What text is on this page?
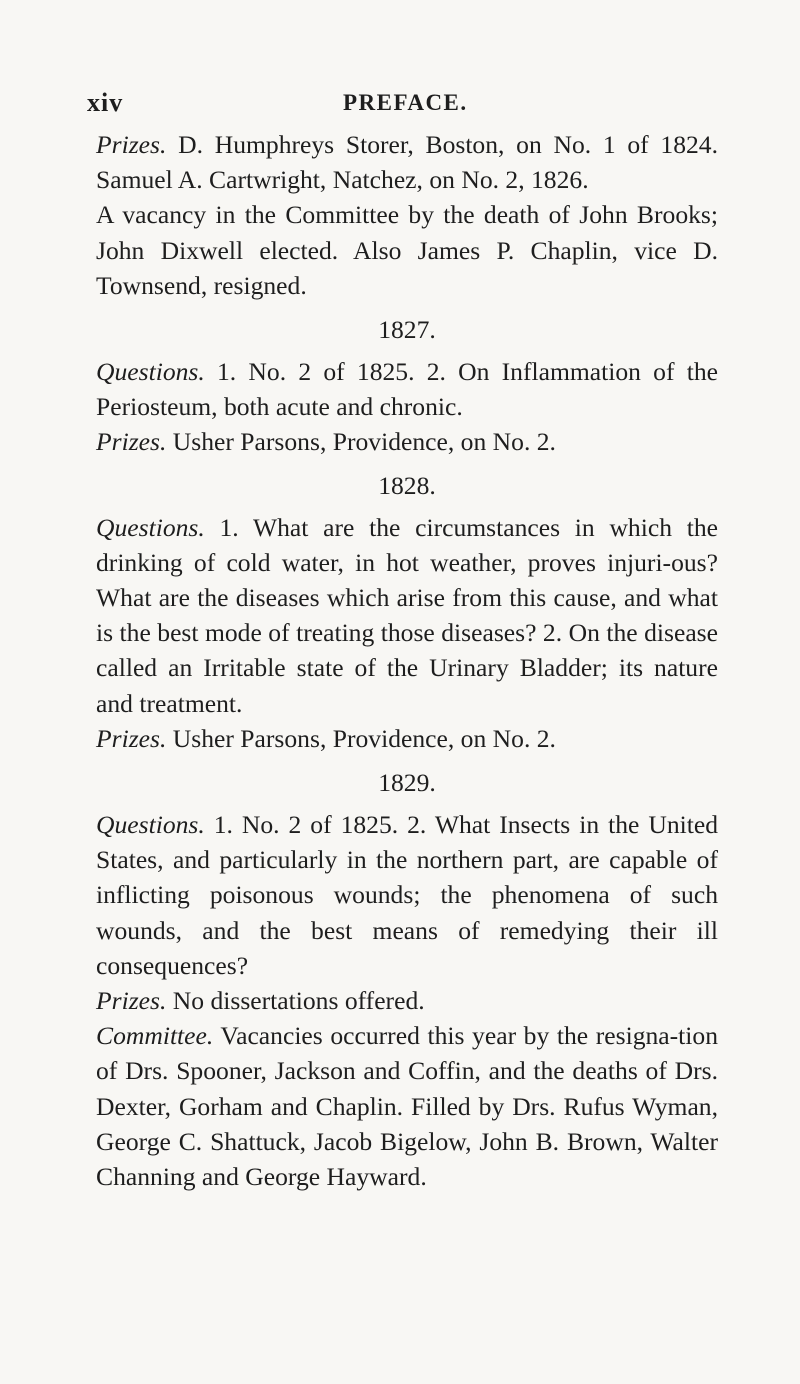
xiv	PREFACE.

Prizes. D. Humphreys Storer, Boston, on No. 1 of 1824. Samuel A. Cartwright, Natchez, on No. 2, 1826.

A vacancy in the Committee by the death of John Brooks; John Dixwell elected. Also James P. Chaplin, vice D. Townsend, resigned.

1827.

Questions. 1. No. 2 of 1825. 2. On Inflammation of the Periosteum, both acute and chronic.

Prizes. Usher Parsons, Providence, on No. 2.

1828.

Questions. 1. What are the circumstances in which the drinking of cold water, in hot weather, proves injuri-ous? What are the diseases which arise from this cause, and what is the best mode of treating those diseases? 2. On the disease called an Irritable state of the Urinary Bladder; its nature and treatment.

Prizes. Usher Parsons, Providence, on No. 2.

1829.

Questions. 1. No. 2 of 1825. 2. What Insects in the United States, and particularly in the northern part, are capable of inflicting poisonous wounds; the phenomena of such wounds, and the best means of remedying their ill consequences?

Prizes. No dissertations offered.

Committee. Vacancies occurred this year by the resigna-tion of Drs. Spooner, Jackson and Coffin, and the deaths of Drs. Dexter, Gorham and Chaplin. Filled by Drs. Rufus Wyman, George C. Shattuck, Jacob Bigelow, John B. Brown, Walter Channing and George Hayward.
